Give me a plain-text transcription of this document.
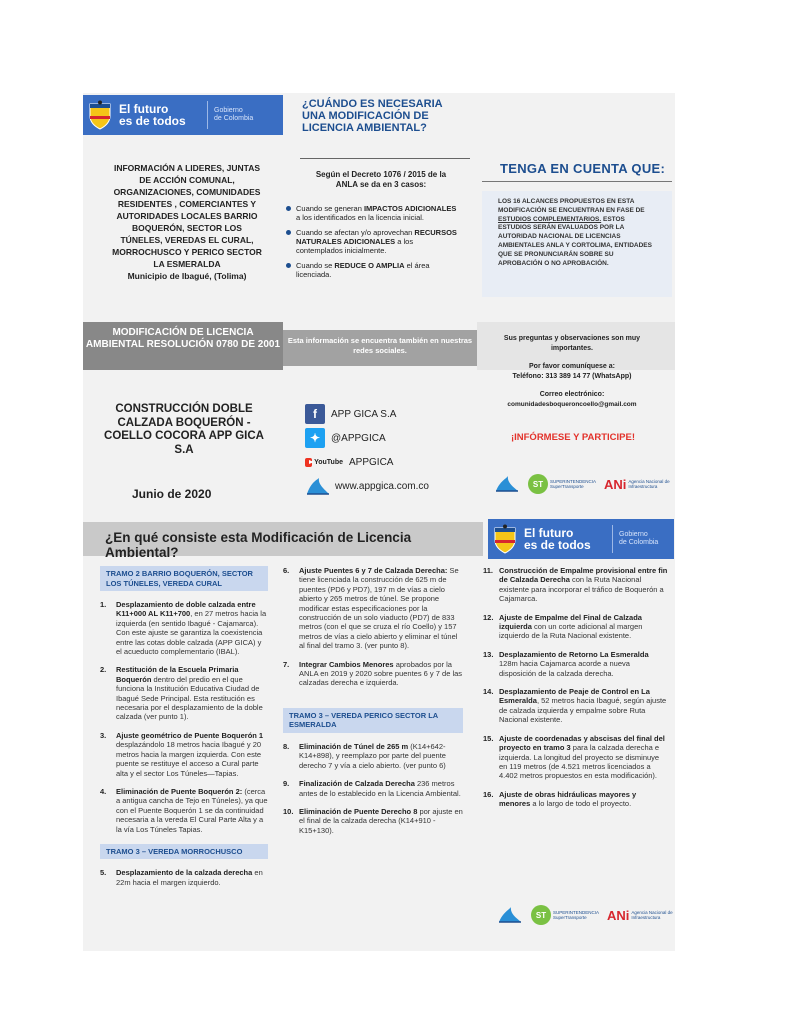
El futuro
es de todos
Gobierno
de Colombia
¿CUÁNDO ES NECESARIA UNA MODIFICACIÓN DE LICENCIA AMBIENTAL?
INFORMACIÓN A LIDERES, JUNTAS DE ACCIÓN COMUNAL, ORGANIZACIONES, COMUNIDADES RESIDENTES , COMERCIANTES Y AUTORIDADES LOCALES BARRIO BOQUERÓN, SECTOR LOS TÚNELES, VEREDAS EL CURAL, MORROCHUSCO Y PERICO SECTOR LA ESMERALDA
Municipio de Ibagué, (Tolima)
Según el Decreto 1076 / 2015 de la ANLA se da en 3 casos:
Cuando se generan IMPACTOS ADICIONALES a los identificados en la licencia inicial.
Cuando se afectan y/o aprovechan RECURSOS NATURALES ADICIONALES a los contemplados inicialmente.
Cuando se REDUCE O AMPLIA el área licenciada.
TENGA EN CUENTA QUE:
LOS 16 ALCANCES PROPUESTOS EN ESTA MODIFICACIÓN SE ENCUENTRAN EN FASE DE ESTUDIOS COMPLEMENTARIOS. ESTOS ESTUDIOS SERÁN EVALUADOS POR LA AUTORIDAD NACIONAL DE LICENCIAS AMBIENTALES ANLA Y CORTOLIMA, ENTIDADES QUE SE PRONUNCIARÁN SOBRE SU APROBACIÓN O NO APROBACIÓN.
MODIFICACIÓN DE LICENCIA AMBIENTAL RESOLUCIÓN 0780 DE 2001	Esta información se encuentra también en nuestras redes sociales.
CONSTRUCCIÓN DOBLE CALZADA BOQUERÓN - COELLO COCORA APP GICA S.A
Junio de 2020
f	APP GICA S.A
✦	@APPGICA
YouTube APPGICA
www.appgica.com.co
Sus preguntas y observaciones son muy importantes.
Por favor comuníquese a:
Teléfono: 313 389 14 77 (WhatsApp)
Correo electrónico:
comunidadesboqueroncoello@gmail.com
¡INFÓRMESE Y PARTICIPE!
ST	SUPERINTENDENCIA
SuperTransporte	ANi Agencia Nacional de
Infraestructura
¿En qué consiste esta Modificación de Licencia Ambiental?
El futuro
es de todos
Gobierno
de Colombia
TRAMO 2 BARRIO BOQUERÓN, SECTOR LOS TÚNELES, VEREDA CURAL
1. Desplazamiento de doble calzada entre K11+000 AL K11+700, en 27 metros hacia la izquierda (en sentido Ibagué - Cajamarca). Con este ajuste se garantiza la coexistencia entre las cotas doble calzada (APP GICA) y el acueducto complementario (IBAL).
2. Restitución de la Escuela Primaria Boquerón dentro del predio en el que funciona la Institución Educativa Ciudad de Ibagué Sede Principal. Esta restitución es necesaria por el desplazamiento de la doble calzada (ver punto 1).
3. Ajuste geométrico de Puente Boquerón 1 desplazándolo 18 metros hacia Ibagué y 20 metros hacia la margen izquierda. Con este puente se restituye el acceso a Cural parte alta y el sector Los Túneles—Tapias.
4. Eliminación de Puente Boquerón 2: (cerca a antigua cancha de Tejo en Túneles), ya que con el Puente Boquerón 1 se da continuidad necesaria a la vereda El Cural Parte Alta y a la vía Los Túneles Tapias.
TRAMO 3 – VEREDA MORROCHUSCO
5. Desplazamiento de la calzada derecha en 22m hacia el margen izquierdo.
6. Ajuste Puentes 6 y 7 de Calzada Derecha: Se tiene licenciada la construcción de 625 m de puentes (PD6 y PD7), 197 m de vías a cielo abierto y 265 metros de túnel. Se propone modificar estas especificaciones por la construcción de un solo viaducto (PD7) de 833 metros (con el que se cruza el río Coello) y 157 metros de vías a cielo abierto y eliminar el túnel al final del tramo 3. (ver punto 8).
7. Integrar Cambios Menores aprobados por la ANLA en 2019 y 2020 sobre puentes 6 y 7 de las calzadas derecha e izquierda.
TRAMO 3 – VEREDA PERICO SECTOR LA ESMERALDA
8. Eliminación de Túnel de 265 m (K14+642- K14+898), y reemplazo por parte del puente derecho 7 y vía a cielo abierto. (ver punto 6)
9. Finalización de Calzada Derecha 236 metros antes de lo establecido en la Licencia Ambiental.
10. Eliminación de Puente Derecho 8 por ajuste en el final de la calzada derecha (K14+910 - K15+130).
11. Construcción de Empalme provisional entre fin de Calzada Derecha con la Ruta Nacional existente para incorporar el tráfico de Boquerón a Cajamarca.
12. Ajuste de Empalme del Final de Calzada izquierda con un corte adicional al margen izquierdo de la Ruta Nacional existente.
13. Desplazamiento de Retorno La Esmeralda 128m hacia Cajamarca acorde a nueva disposición de la calzada derecha.
14. Desplazamiento de Peaje de Control en La Esmeralda, 52 metros hacia Ibagué, según ajuste de calzada izquierda y empalme sobre Ruta Nacional existente.
15. Ajuste de coordenadas y abscisas del final del proyecto en tramo 3 para la calzada derecha e izquierda. La longitud del proyecto se disminuye en 119 metros (de 4.521 metros licenciados a 4.402 metros propuestos en esta modificación).
16. Ajuste de obras hidráulicas mayores y menores a lo largo de todo el proyecto.
ST	SUPERINTENDENCIA
SuperTransporte	ANi Agencia Nacional de
Infraestructura
